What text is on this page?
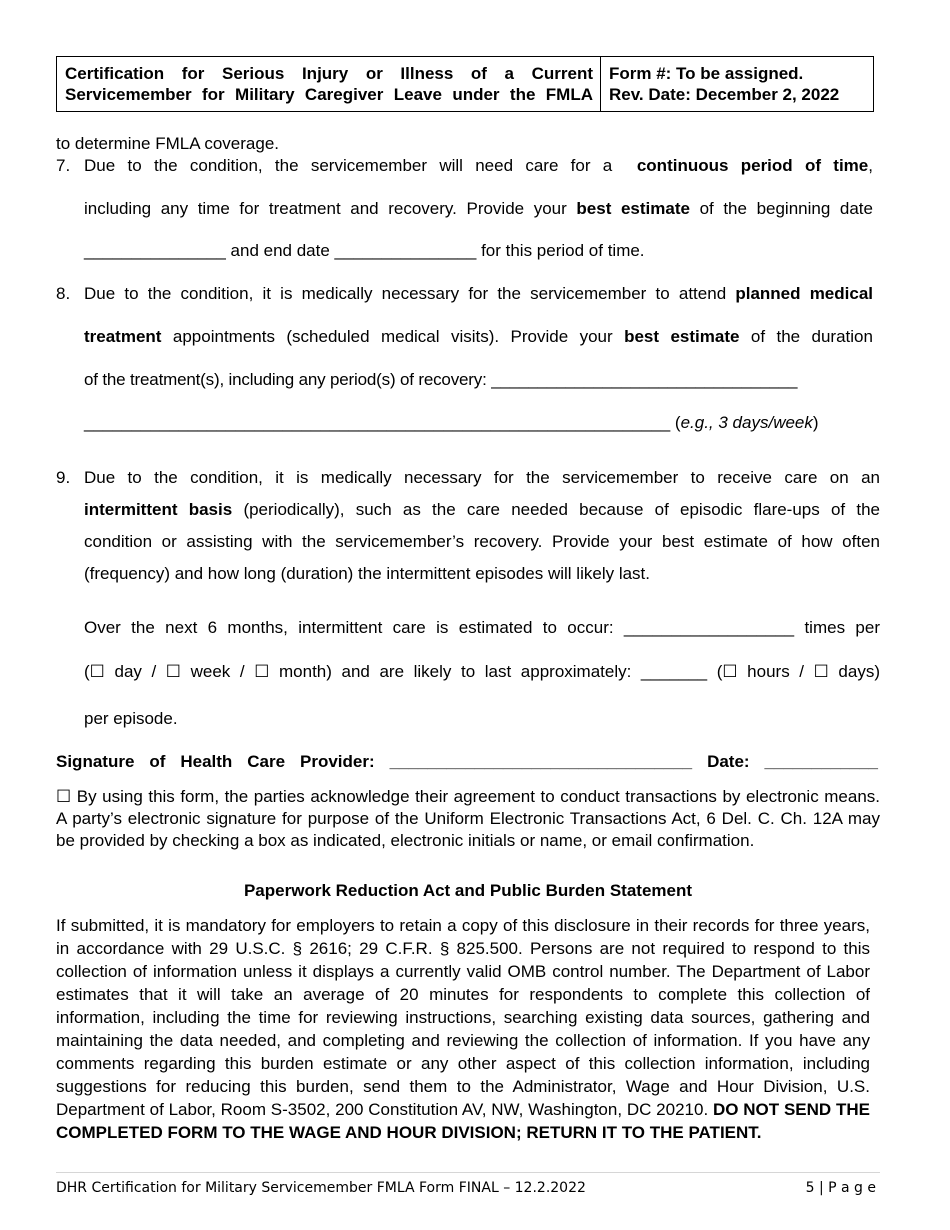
Certification for Serious Injury or Illness of a Current
Servicemember for Military Caregiver Leave under the FMLA
Form #: To be assigned.
Rev. Date: December 2, 2022
to determine FMLA coverage.
7. Due to the condition, the servicemember will need care for a continuous period of time,
including any time for treatment and recovery. Provide your best estimate of the beginning date
_______________ and end date _______________ for this period of time.
8. Due to the condition, it is medically necessary for the servicemember to attend planned medical
treatment appointments (scheduled medical visits). Provide your best estimate of the duration
of the treatment(s), including any period(s) of recovery: _________________________________
______________________________________________________________ (e.g., 3 days/week)
9. Due to the condition, it is medically necessary for the servicemember to receive care on an
intermittent basis (periodically), such as the care needed because of episodic flare-ups of the
condition or assisting with the servicemember’s recovery. Provide your best estimate of how often
(frequency) and how long (duration) the intermittent episodes will likely last.
Over the next 6 months, intermittent care is estimated to occur: __________________ times per
(☐ day / ☐ week / ☐ month) and are likely to last approximately: _______ (☐ hours / ☐ days)
per episode.
Signature of Health Care Provider: ________________________________ Date: ____________
☐ By using this form, the parties acknowledge their agreement to conduct transactions by electronic means. A party’s electronic signature for purpose of the Uniform Electronic Transactions Act, 6 Del. C. Ch. 12A may be provided by checking a box as indicated, electronic initials or name, or email confirmation.
Paperwork Reduction Act and Public Burden Statement
If submitted, it is mandatory for employers to retain a copy of this disclosure in their records for three years, in accordance with 29 U.S.C. § 2616; 29 C.F.R. § 825.500. Persons are not required to respond to this collection of information unless it displays a currently valid OMB control number. The Department of Labor estimates that it will take an average of 20 minutes for respondents to complete this collection of information, including the time for reviewing instructions, searching existing data sources, gathering and maintaining the data needed, and completing and reviewing the collection of information. If you have any comments regarding this burden estimate or any other aspect of this collection information, including suggestions for reducing this burden, send them to the Administrator, Wage and Hour Division, U.S. Department of Labor, Room S-3502, 200 Constitution AV, NW, Washington, DC 20210. DO NOT SEND THE COMPLETED FORM TO THE WAGE AND HOUR DIVISION; RETURN IT TO THE PATIENT.
DHR Certification for Military Servicemember FMLA Form FINAL – 12.2.2022	5 | P a g e
